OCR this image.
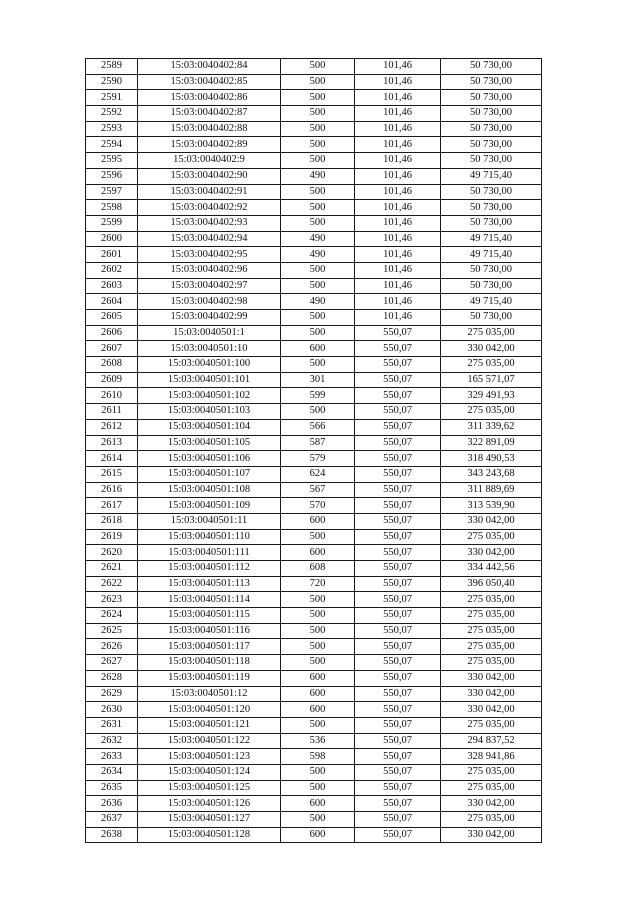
2589	15:03:0040402:84	500	101,46	50 730,00
2590	15:03:0040402:85	500	101,46	50 730,00
2591	15:03:0040402:86	500	101,46	50 730,00
2592	15:03:0040402:87	500	101,46	50 730,00
2593	15:03:0040402:88	500	101,46	50 730,00
2594	15:03:0040402:89	500	101,46	50 730,00
2595	15:03:0040402:9	500	101,46	50 730,00
2596	15:03:0040402:90	490	101,46	49 715,40
2597	15:03:0040402:91	500	101,46	50 730,00
2598	15:03:0040402:92	500	101,46	50 730,00
2599	15:03:0040402:93	500	101,46	50 730,00
2600	15:03:0040402:94	490	101,46	49 715,40
2601	15:03:0040402:95	490	101,46	49 715,40
2602	15:03:0040402:96	500	101,46	50 730,00
2603	15:03:0040402:97	500	101,46	50 730,00
2604	15:03:0040402:98	490	101,46	49 715,40
2605	15:03:0040402:99	500	101,46	50 730,00
2606	15:03:0040501:1	500	550,07	275 035,00
2607	15:03:0040501:10	600	550,07	330 042,00
2608	15:03:0040501:100	500	550,07	275 035,00
2609	15:03:0040501:101	301	550,07	165 571,07
2610	15:03:0040501:102	599	550,07	329 491,93
2611	15:03:0040501:103	500	550,07	275 035,00
2612	15:03:0040501:104	566	550,07	311 339,62
2613	15:03:0040501:105	587	550,07	322 891,09
2614	15:03:0040501:106	579	550,07	318 490,53
2615	15:03:0040501:107	624	550,07	343 243,68
2616	15:03:0040501:108	567	550,07	311 889,69
2617	15:03:0040501:109	570	550,07	313 539,90
2618	15:03:0040501:11	600	550,07	330 042,00
2619	15:03:0040501:110	500	550,07	275 035,00
2620	15:03:0040501:111	600	550,07	330 042,00
2621	15:03:0040501:112	608	550,07	334 442,56
2622	15:03:0040501:113	720	550,07	396 050,40
2623	15:03:0040501:114	500	550,07	275 035,00
2624	15:03:0040501:115	500	550,07	275 035,00
2625	15:03:0040501:116	500	550,07	275 035,00
2626	15:03:0040501:117	500	550,07	275 035,00
2627	15:03:0040501:118	500	550,07	275 035,00
2628	15:03:0040501:119	600	550,07	330 042,00
2629	15:03:0040501:12	600	550,07	330 042,00
2630	15:03:0040501:120	600	550,07	330 042,00
2631	15:03:0040501:121	500	550,07	275 035,00
2632	15:03:0040501:122	536	550,07	294 837,52
2633	15:03:0040501:123	598	550,07	328 941,86
2634	15:03:0040501:124	500	550,07	275 035,00
2635	15:03:0040501:125	500	550,07	275 035,00
2636	15:03:0040501:126	600	550,07	330 042,00
2637	15:03:0040501:127	500	550,07	275 035,00
2638	15:03:0040501:128	600	550,07	330 042,00
